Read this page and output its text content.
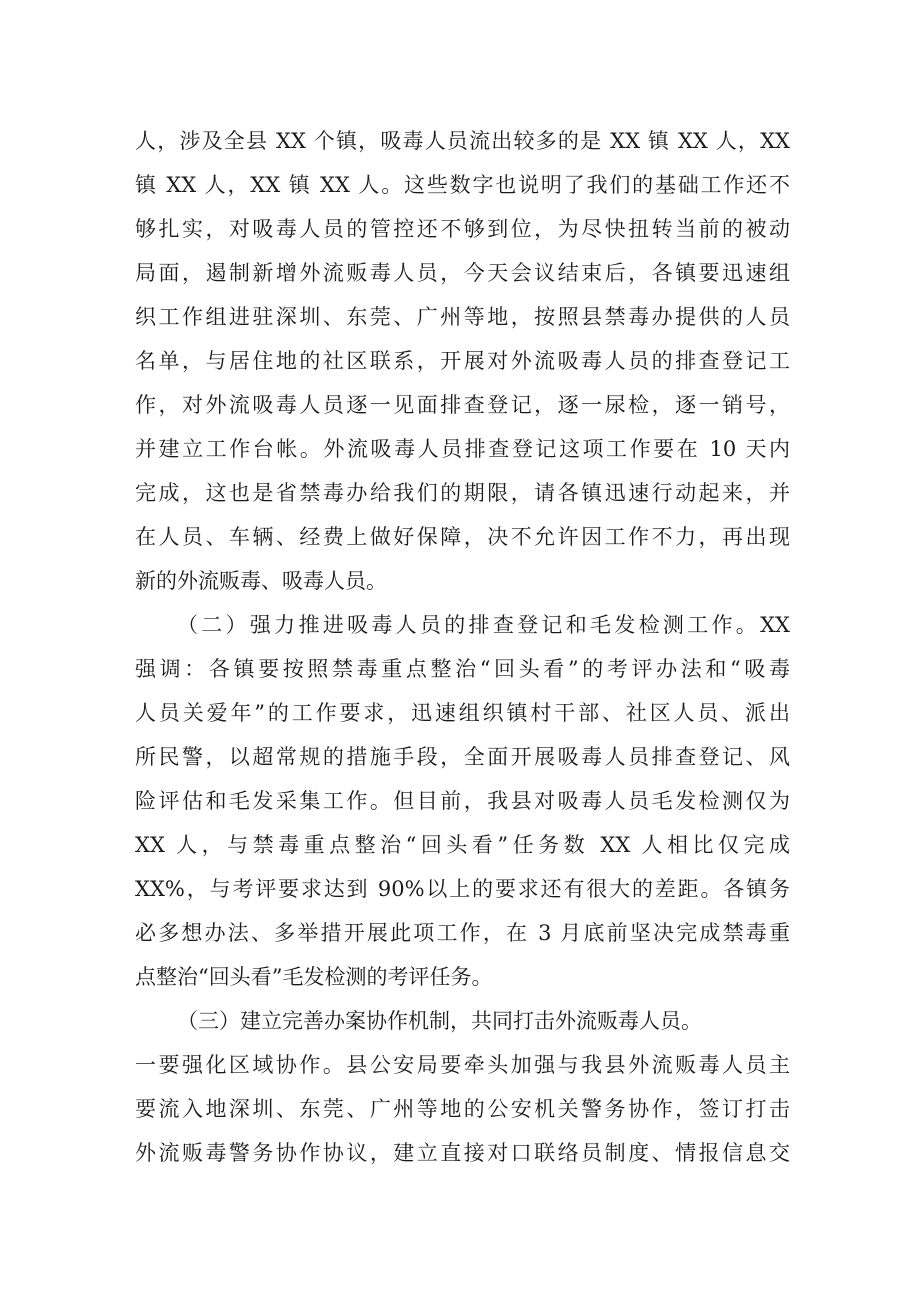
人，涉及全县 XX 个镇，吸毒人员流出较多的是 XX 镇 XX 人，XX
镇 XX 人，XX 镇 XX 人。这些数字也说明了我们的基础工作还不
够扎实，对吸毒人员的管控还不够到位，为尽快扭转当前的被动
局面，遏制新增外流贩毒人员，今天会议结束后，各镇要迅速组
织工作组进驻深圳、东莞、广州等地，按照县禁毒办提供的人员
名单，与居住地的社区联系，开展对外流吸毒人员的排查登记工
作，对外流吸毒人员逐一见面排查登记，逐一尿检，逐一销号，
并建立工作台帐。外流吸毒人员排查登记这项工作要在 10 天内
完成，这也是省禁毒办给我们的期限，请各镇迅速行动起来，并
在人员、车辆、经费上做好保障，决不允许因工作不力，再出现
新的外流贩毒、吸毒人员。
（二）强力推进吸毒人员的排查登记和毛发检测工作。XX
强调：各镇要按照禁毒重点整治“回头看”的考评办法和“吸毒
人员关爱年”的工作要求，迅速组织镇村干部、社区人员、派出
所民警，以超常规的措施手段，全面开展吸毒人员排查登记、风
险评估和毛发采集工作。但目前，我县对吸毒人员毛发检测仅为
XX 人，与禁毒重点整治“回头看”任务数 XX 人相比仅完成
XX%，与考评要求达到 90%以上的要求还有很大的差距。各镇务
必多想办法、多举措开展此项工作，在 3 月底前坚决完成禁毒重
点整治“回头看”毛发检测的考评任务。
（三）建立完善办案协作机制，共同打击外流贩毒人员。
一要强化区域协作。县公安局要牵头加强与我县外流贩毒人员主
要流入地深圳、东莞、广州等地的公安机关警务协作，签订打击
外流贩毒警务协作协议，建立直接对口联络员制度、情报信息交
